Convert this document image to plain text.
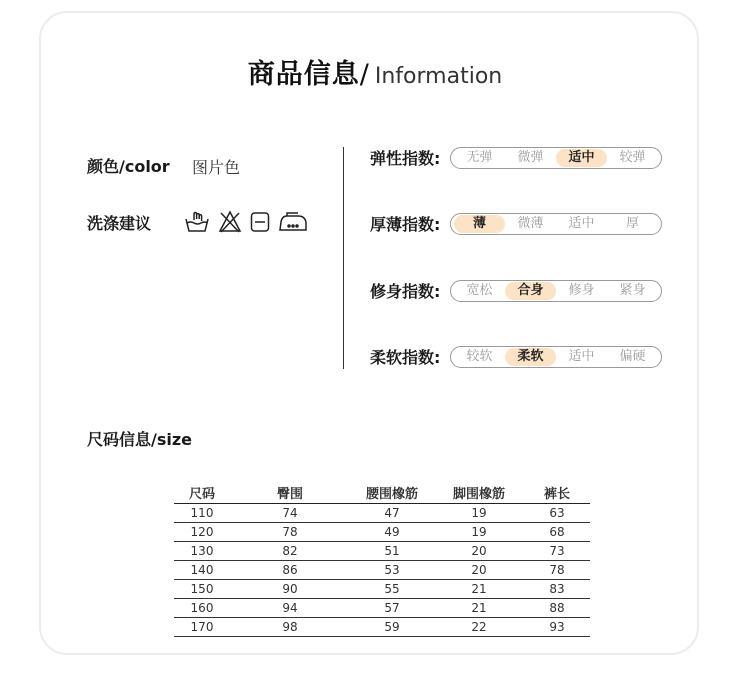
商品信息/ Information
颜色/color 图片色
洗涤建议
弹性指数:	无弹	微弹	适中	较弹
厚薄指数:	薄	微薄	适中	厚
修身指数:	宽松	合身	修身	紧身
柔软指数:	较软	柔软	适中	偏硬
尺码信息/size
尺码	臀围	腰围橡筋	脚围橡筋	裤长
110	74	47	19	63
120	78	49	19	68
130	82	51	20	73
140	86	53	20	78
150	90	55	21	83
160	94	57	21	88
170	98	59	22	93
